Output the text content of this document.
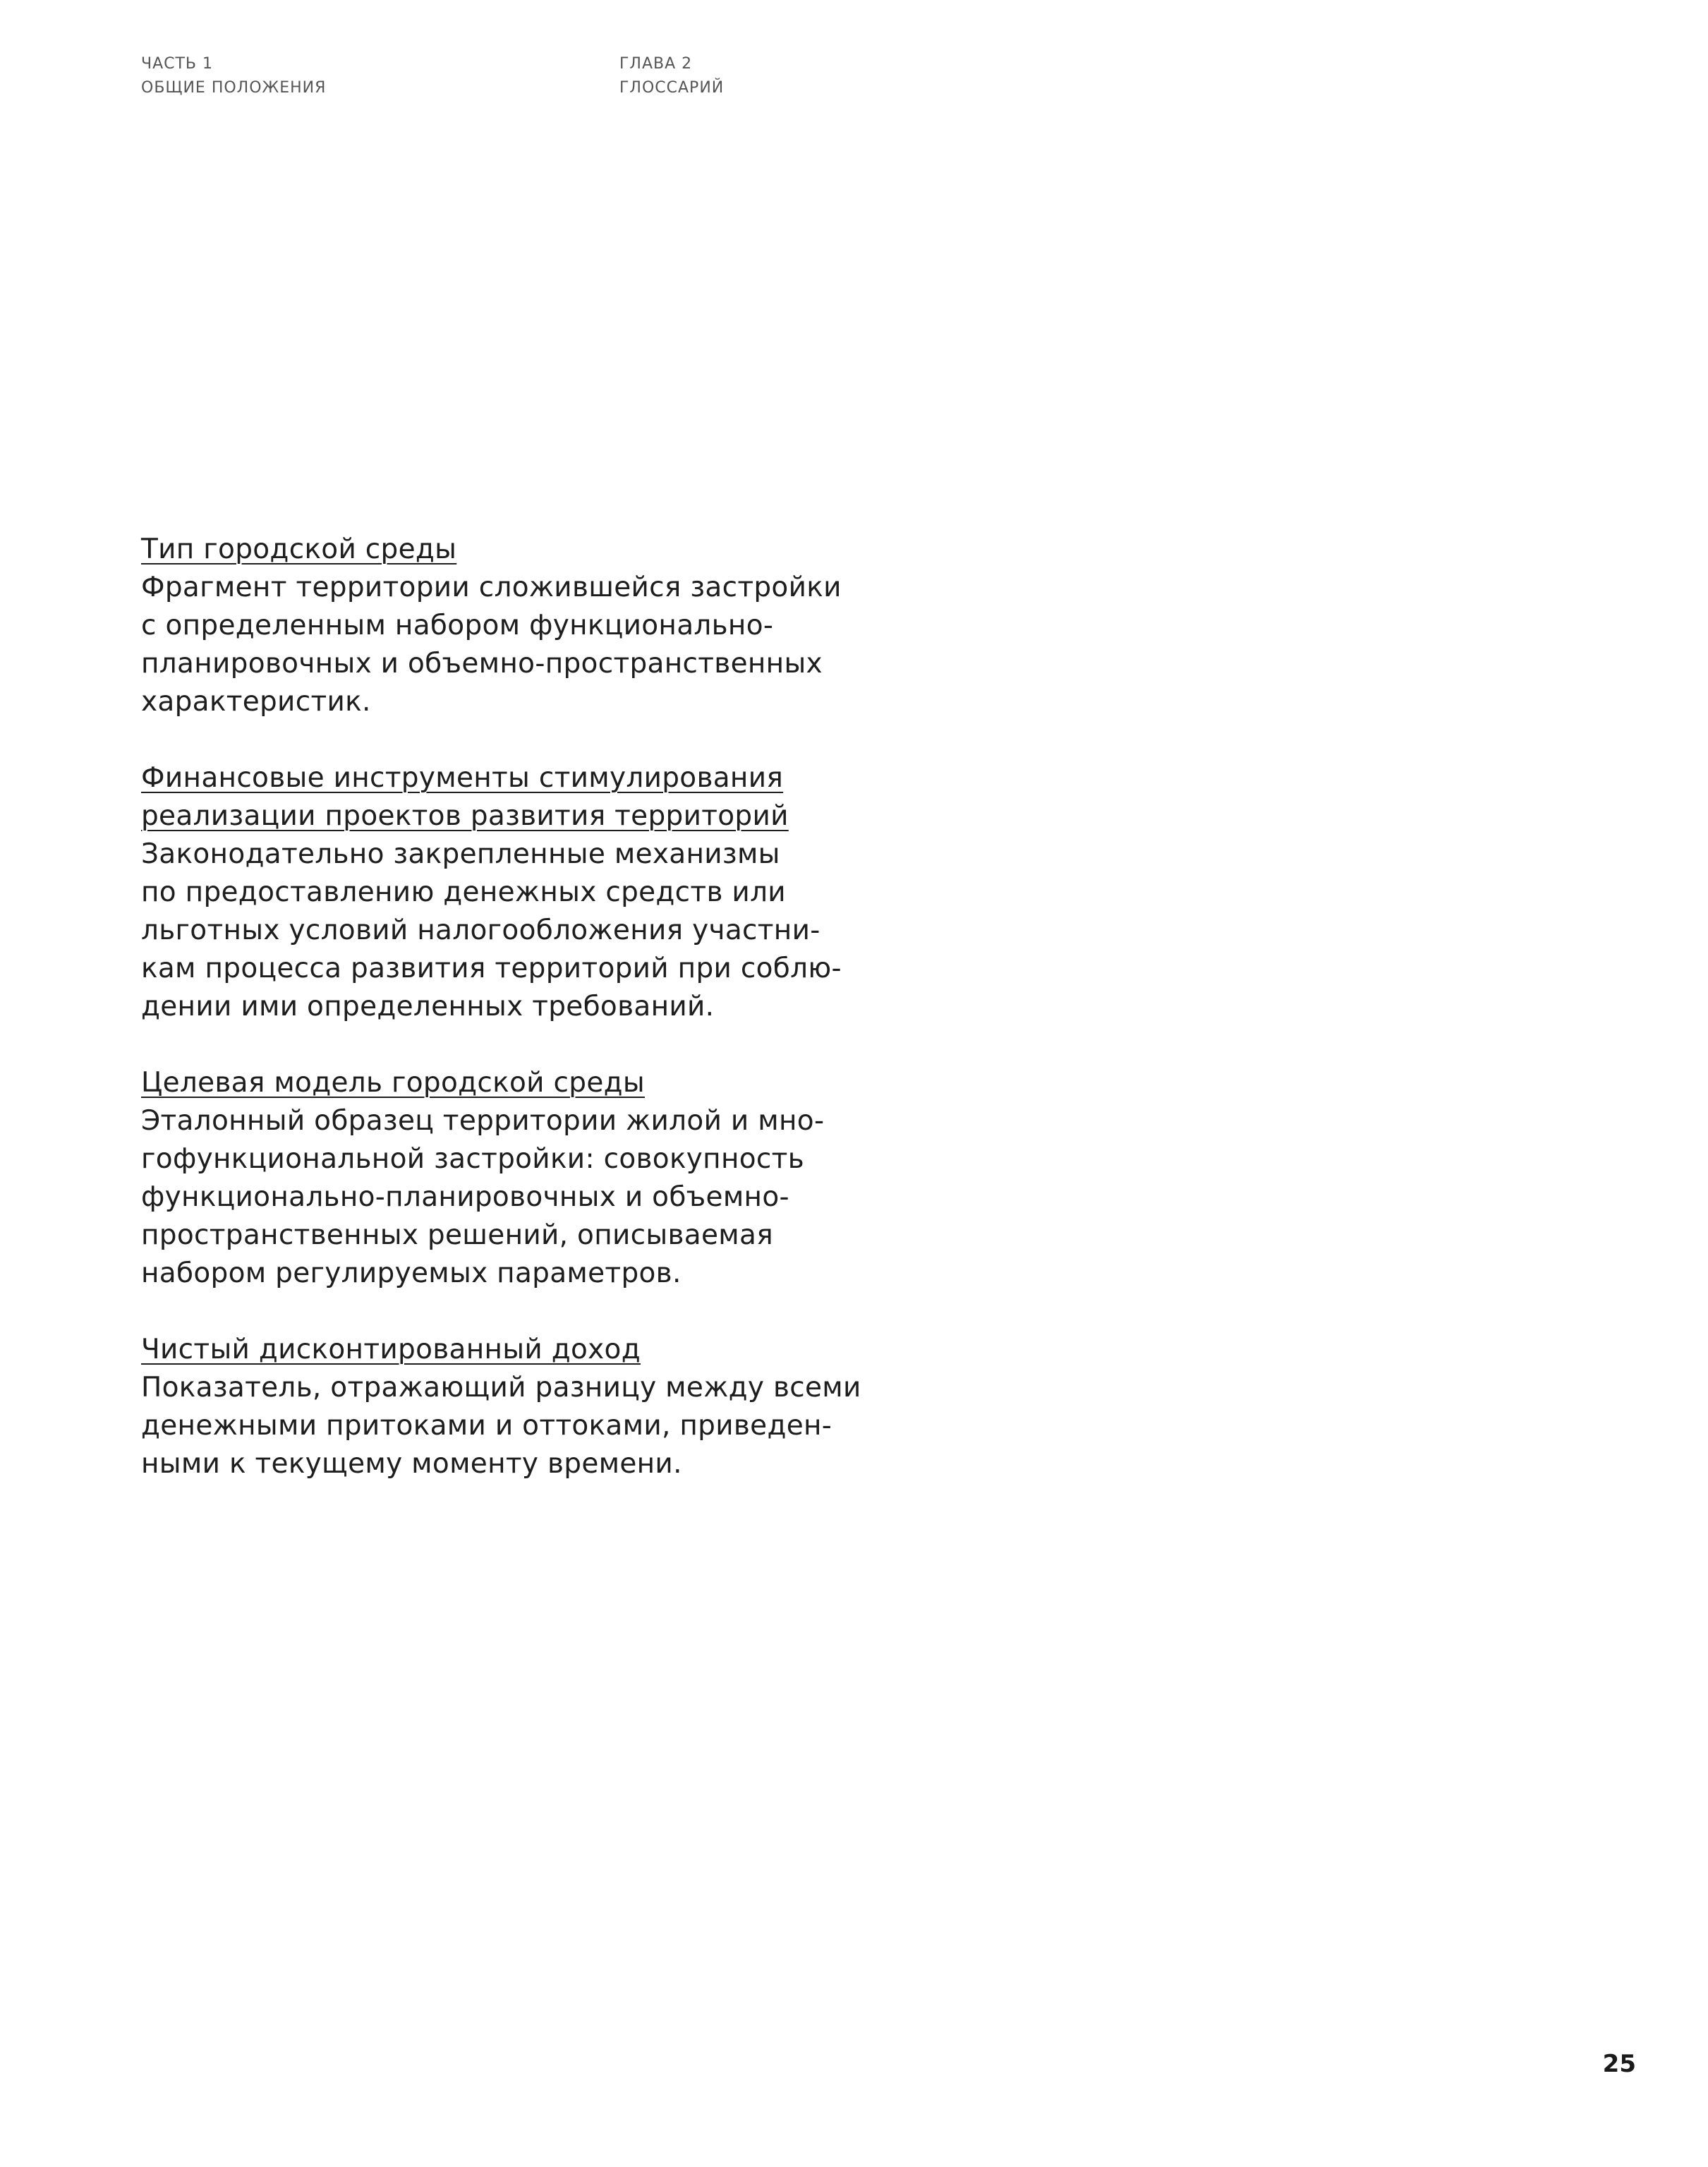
ЧАСТЬ 1
ОБЩИЕ ПОЛОЖЕНИЯ
ГЛАВА 2
ГЛОССАРИЙ
Тип городской среды
Фрагмент территории сложившейся застройки
с определенным набором функционально-
планировочных и объемно-пространственных
характеристик.
Финансовые инструменты стимулирования
реализации проектов развития территорий
Законодательно закрепленные механизмы
по предоставлению денежных средств или
льготных условий налогообложения участни-
кам процесса развития территорий при соблю-
дении ими определенных требований.
Целевая модель городской среды
Эталонный образец территории жилой и мно-
гофункциональной застройки: совокупность
функционально-планировочных и объемно-
пространственных решений, описываемая
набором регулируемых параметров.
Чистый дисконтированный доход
Показатель, отражающий разницу между всеми
денежными притоками и оттоками, приведен-
ными к текущему моменту времени.
25
